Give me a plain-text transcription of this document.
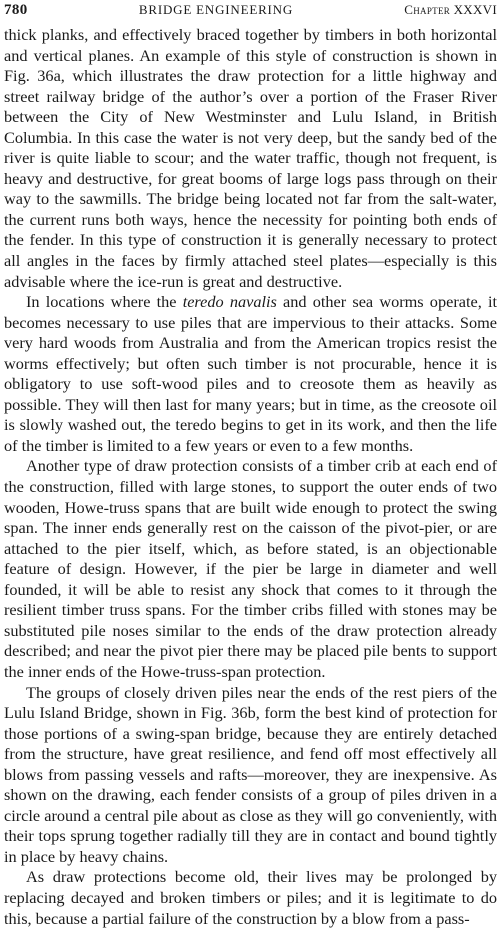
780	BRIDGE ENGINEERING	Chapter XXXVI

thick planks, and effectively braced together by timbers in both horizontal and vertical planes. An example of this style of construction is shown in Fig. 36a, which illustrates the draw protection for a little highway and street railway bridge of the author’s over a portion of the Fraser River between the City of New Westminster and Lulu Island, in British Columbia. In this case the water is not very deep, but the sandy bed of the river is quite liable to scour; and the water traffic, though not frequent, is heavy and destructive, for great booms of large logs pass through on their way to the sawmills. The bridge being located not far from the salt-water, the current runs both ways, hence the necessity for pointing both ends of the fender. In this type of construction it is generally necessary to protect all angles in the faces by firmly attached steel plates—especially is this advisable where the ice-run is great and destructive.

In locations where the teredo navalis and other sea worms operate, it becomes necessary to use piles that are impervious to their attacks. Some very hard woods from Australia and from the American tropics resist the worms effectively; but often such timber is not procurable, hence it is obligatory to use soft-wood piles and to creosote them as heavily as possible. They will then last for many years; but in time, as the creosote oil is slowly washed out, the teredo begins to get in its work, and then the life of the timber is limited to a few years or even to a few months.

Another type of draw protection consists of a timber crib at each end of the construction, filled with large stones, to support the outer ends of two wooden, Howe-truss spans that are built wide enough to protect the swing span. The inner ends generally rest on the caisson of the pivot-pier, or are attached to the pier itself, which, as before stated, is an objectionable feature of design. However, if the pier be large in diameter and well founded, it will be able to resist any shock that comes to it through the resilient timber truss spans. For the timber cribs filled with stones may be substituted pile noses similar to the ends of the draw protection already described; and near the pivot pier there may be placed pile bents to support the inner ends of the Howe-truss-span protection.

The groups of closely driven piles near the ends of the rest piers of the Lulu Island Bridge, shown in Fig. 36b, form the best kind of protection for those portions of a swing-span bridge, because they are entirely detached from the structure, have great resilience, and fend off most effectively all blows from passing vessels and rafts—moreover, they are inexpensive. As shown on the drawing, each fender consists of a group of piles driven in a circle around a central pile about as close as they will go conveniently, with their tops sprung together radially till they are in contact and bound tightly in place by heavy chains.

As draw protections become old, their lives may be prolonged by replacing decayed and broken timbers or piles; and it is legitimate to do this, because a partial failure of the construction by a blow from a pass-
